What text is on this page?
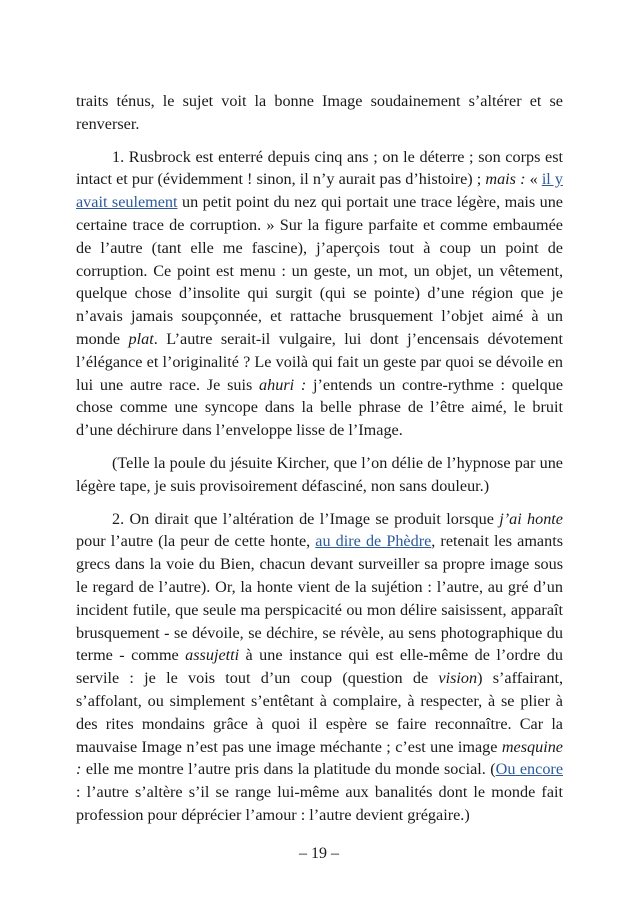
traits ténus, le sujet voit la bonne Image soudainement s’altérer et se renverser.

1. Rusbrock est enterré depuis cinq ans ; on le déterre ; son corps est intact et pur (évidemment ! sinon, il n’y aurait pas d’histoire) ; mais : « il y avait seulement un petit point du nez qui portait une trace légère, mais une certaine trace de corruption. » Sur la figure parfaite et comme embaumée de l’autre (tant elle me fascine), j’aperçois tout à coup un point de corruption. Ce point est menu : un geste, un mot, un objet, un vêtement, quelque chose d’insolite qui surgit (qui se pointe) d’une région que je n’avais jamais soupçonnée, et rattache brusquement l’objet aimé à un monde plat. L’autre serait-il vulgaire, lui dont j’encensais dévotement l’élégance et l’originalité ? Le voilà qui fait un geste par quoi se dévoile en lui une autre race. Je suis ahuri : j’entends un contre-rythme : quelque chose comme une syncope dans la belle phrase de l’être aimé, le bruit d’une déchirure dans l’enveloppe lisse de l’Image.

(Telle la poule du jésuite Kircher, que l’on délie de l’hypnose par une légère tape, je suis provisoirement défasciné, non sans douleur.)

2. On dirait que l’altération de l’Image se produit lorsque j’ai honte pour l’autre (la peur de cette honte, au dire de Phèdre, retenait les amants grecs dans la voie du Bien, chacun devant surveiller sa propre image sous le regard de l’autre). Or, la honte vient de la sujétion : l’autre, au gré d’un incident futile, que seule ma perspicacité ou mon délire saisissent, apparaît brusquement - se dévoile, se déchire, se révèle, au sens photographique du terme - comme assujetti à une instance qui est elle-même de l’ordre du servile : je le vois tout d’un coup (question de vision) s’affairant, s’affolant, ou simplement s’entêtant à complaire, à respecter, à se plier à des rites mondains grâce à quoi il espère se faire reconnaître. Car la mauvaise Image n’est pas une image méchante ; c’est une image mesquine : elle me montre l’autre pris dans la platitude du monde social. (Ou encore : l’autre s’altère s’il se range lui-même aux banalités dont le monde fait profession pour déprécier l’amour : l’autre devient grégaire.)

– 19 –
